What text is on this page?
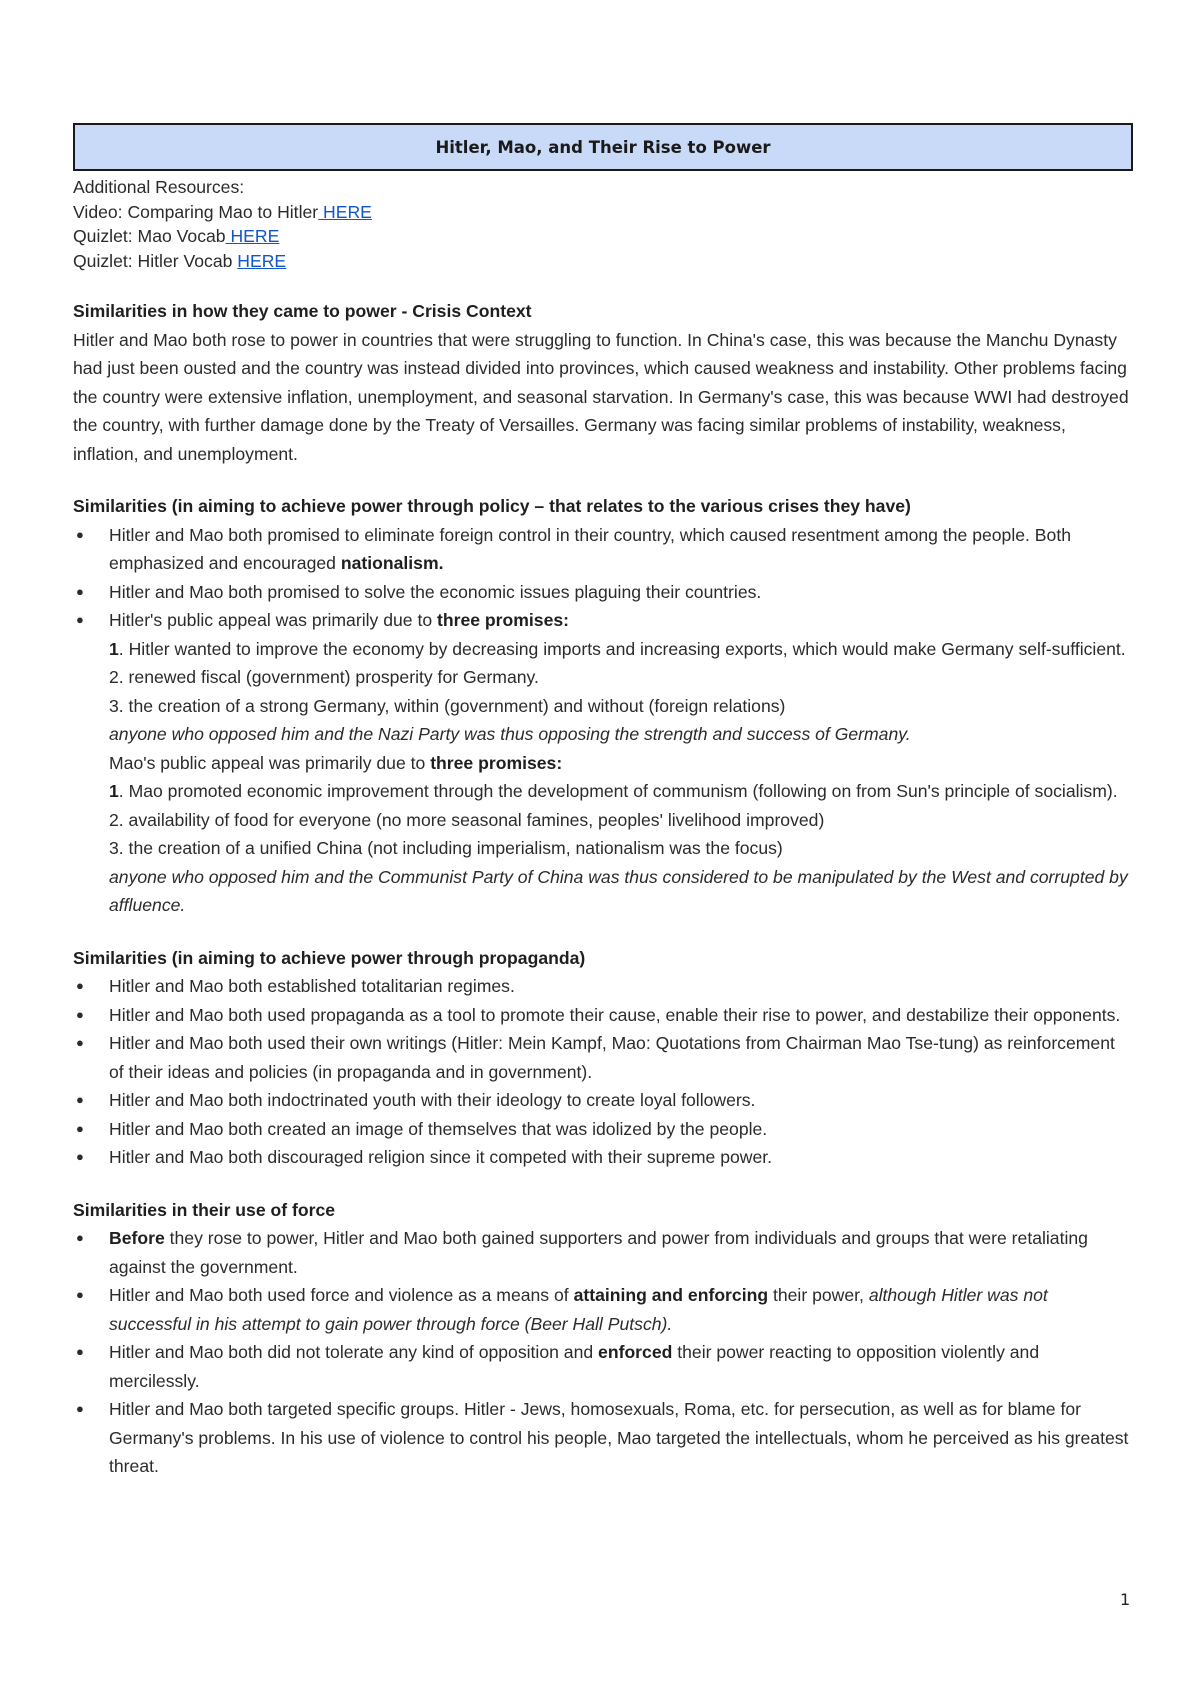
Hitler, Mao, and Their Rise to Power
Additional Resources:
Video: Comparing Mao to Hitler HERE
Quizlet: Mao Vocab HERE
Quizlet: Hitler Vocab HERE
Similarities in how they came to power - Crisis Context
Hitler and Mao both rose to power in countries that were struggling to function. In China's case, this was because the Manchu Dynasty had just been ousted and the country was instead divided into provinces, which caused weakness and instability. Other problems facing the country were extensive inflation, unemployment, and seasonal starvation. In Germany's case, this was because WWI had destroyed the country, with further damage done by the Treaty of Versailles. Germany was facing similar problems of instability, weakness, inflation, and unemployment.
Similarities (in aiming to achieve power through policy – that relates to the various crises they have)
● Hitler and Mao both promised to eliminate foreign control in their country, which caused resentment among the people. Both emphasized and encouraged nationalism.
● Hitler and Mao both promised to solve the economic issues plaguing their countries.
● Hitler's public appeal was primarily due to three promises:
1. Hitler wanted to improve the economy by decreasing imports and increasing exports, which would make Germany self-sufficient.
2. renewed fiscal (government) prosperity for Germany.
3. the creation of a strong Germany, within (government) and without (foreign relations)
anyone who opposed him and the Nazi Party was thus opposing the strength and success of Germany.
Mao's public appeal was primarily due to three promises:
1. Mao promoted economic improvement through the development of communism (following on from Sun's principle of socialism).
2. availability of food for everyone (no more seasonal famines, peoples' livelihood improved)
3. the creation of a unified China (not including imperialism, nationalism was the focus)
anyone who opposed him and the Communist Party of China was thus considered to be manipulated by the West and corrupted by affluence.
Similarities (in aiming to achieve power through propaganda)
● Hitler and Mao both established totalitarian regimes.
● Hitler and Mao both used propaganda as a tool to promote their cause, enable their rise to power, and destabilize their opponents.
● Hitler and Mao both used their own writings (Hitler: Mein Kampf, Mao: Quotations from Chairman Mao Tse-tung) as reinforcement of their ideas and policies (in propaganda and in government).
● Hitler and Mao both indoctrinated youth with their ideology to create loyal followers.
● Hitler and Mao both created an image of themselves that was idolized by the people.
● Hitler and Mao both discouraged religion since it competed with their supreme power.
Similarities in their use of force
● Before they rose to power, Hitler and Mao both gained supporters and power from individuals and groups that were retaliating against the government.
● Hitler and Mao both used force and violence as a means of attaining and enforcing their power, although Hitler was not successful in his attempt to gain power through force (Beer Hall Putsch).
● Hitler and Mao both did not tolerate any kind of opposition and enforced their power reacting to opposition violently and mercilessly.
● Hitler and Mao both targeted specific groups. Hitler - Jews, homosexuals, Roma, etc. for persecution, as well as for blame for Germany's problems. In his use of violence to control his people, Mao targeted the intellectuals, whom he perceived as his greatest threat.
1
